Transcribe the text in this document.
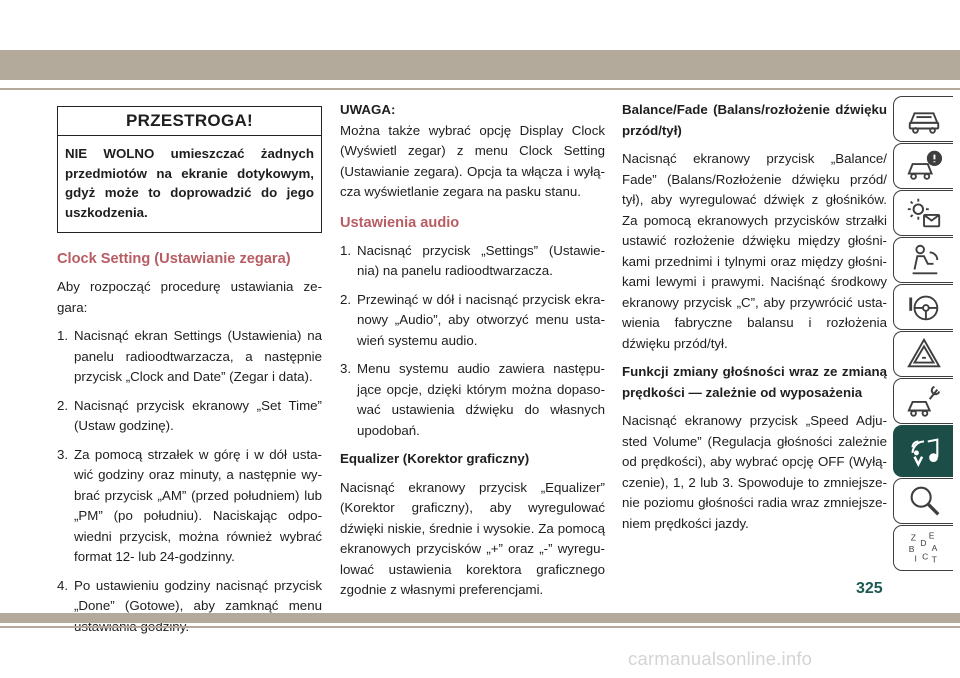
PRZESTROGA!
NIE WOLNO umieszczać żadnych przedmiotów na ekranie dotykowym, gdyż może to doprowadzić do jego uszkodzenia.
Clock Setting (Ustawianie zegara)

Aby rozpocząć procedurę ustawiania ze-gara:

1. Nacisnąć ekran Settings (Ustawienia) na panelu radioodtwarzacza, a następnie przycisk „Clock and Date” (Zegar i data).
2. Nacisnąć przycisk ekranowy „Set Time” (Ustaw godzinę).
3. Za pomocą strzałek w górę i w dół usta-wić godziny oraz minuty, a następnie wy-brać przycisk „AM” (przed południem) lub „PM” (po południu). Naciskając odpo-wiedni przycisk, można również wybrać format 12- lub 24-godzinny.
4. Po ustawieniu godziny nacisnąć przycisk „Done” (Gotowe), aby zamknąć menu
UWAGA:

Można także wybrać opcję Display Clock (Wyświetl zegar) z menu Clock Setting (Ustawianie zegara). Opcja ta włącza i wyłą-cza wyświetlanie zegara na pasku stanu.

Ustawienia audio
1. Nacisnąć przycisk „Settings” (Ustawie-nia) na panelu radioodtwarzacza.
2. Przewinąć w dół i nacisnąć przycisk ekra-nowy „Audio”, aby otworzyć menu usta-wień systemu audio.
3. Menu systemu audio zawiera następu-jące opcje, dzięki którym można dopaso-wać ustawienia dźwięku do własnych upodobań.

Equalizer (Korektor graficzny)

Nacisnąć ekranowy przycisk „Equalizer” (Korektor graficzny), aby wyregulować dźwięki niskie, średnie i wysokie. Za pomocą ekranowych przycisków „+” oraz „-” wyregu-lować ustawienia korektora graficznego zgodnie z własnymi preferencjami.

Balance/Fade (Balans/rozłożenie dźwięku przód/tył)

Nacisnąć ekranowy przycisk „Balance/ Fade” (Balans/Rozłożenie dźwięku przód/ tył), aby wyregulować dźwięk z głośników. Za pomocą ekranowych przycisków strzałki ustawić rozłożenie dźwięku między głośni-kami przednimi i tylnymi oraz między głośni-kami lewymi i prawymi. Naciśnąć środkowy ekranowy przycisk „C”, aby przywrócić usta-wienia fabryczne balansu i rozłożenia dźwięku przód/tył.

Funkcji zmiany głośności wraz ze zmianą prędkości — zależnie od wyposażenia

Nacisnąć ekranowy przycisk „Speed Adju-sted Volume” (Regulacja głośności zależnie od prędkości), aby wybrać opcję OFF (Wyłą-czenie), 1, 2 lub 3. Spowoduje to zmniejsze-nie poziomu głośności radia wraz zmniejsze-niem prędkości jazdy.

Z E
B A
D
I C T
325
carmanualsonline.info
